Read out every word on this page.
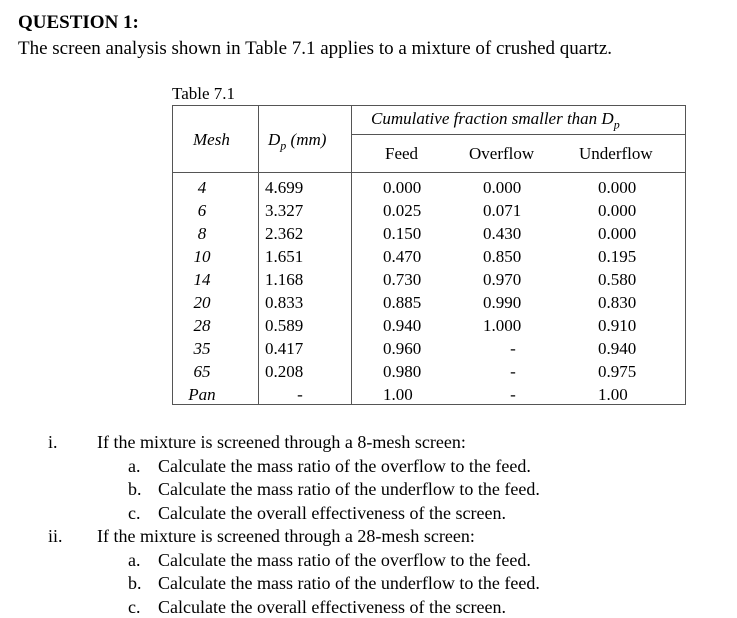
QUESTION 1:
The screen analysis shown in Table 7.1 applies to a mixture of crushed quartz.
Table 7.1
Mesh $D_p$ (mm)
Cumulative fraction smaller than $D_p$
Feed	Overflow	Underflow
4	4.699	0.000	0.000	0.000
6	3.327	0.025	0.071	0.000
8	2.362	0.150	0.430	0.000
10	1.651	0.470	0.850	0.195
14	1.168	0.730	0.970	0.580
20	0.833	0.885	0.990	0.830
28	0.589	0.940	1.000	0.910
35	0.417	0.960	-	0.940
65	0.208	0.980	-	0.975
Pan	-	1.00	-	1.00
i. If the mixture is screened through a 8-mesh screen:
a. Calculate the mass ratio of the overflow to the feed.
b. Calculate the mass ratio of the underflow to the feed.
c. Calculate the overall effectiveness of the screen.
ii. If the mixture is screened through a 28-mesh screen:
a. Calculate the mass ratio of the overflow to the feed.
b. Calculate the mass ratio of the underflow to the feed.
c. Calculate the overall effectiveness of the screen.
